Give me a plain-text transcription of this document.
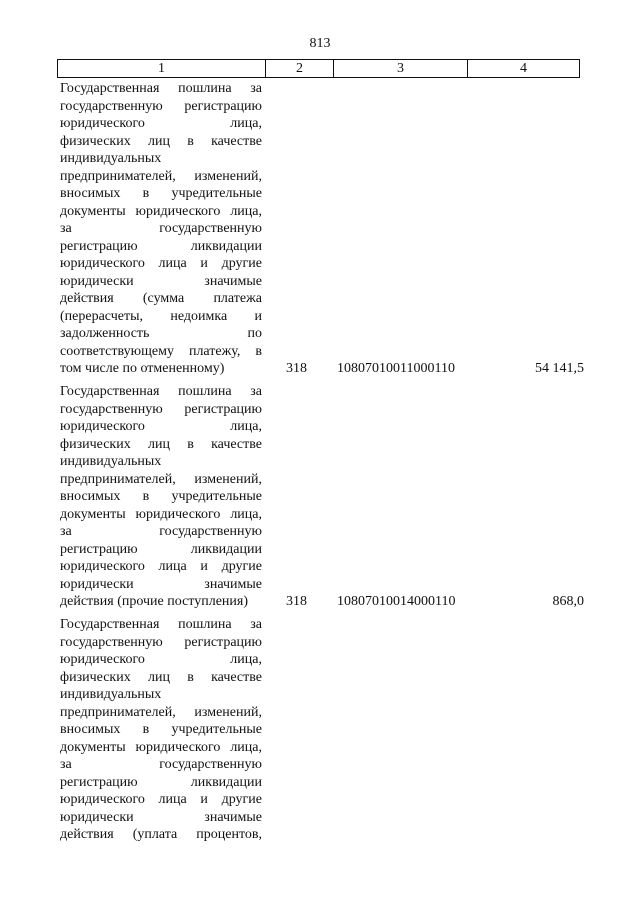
813
1	2	3	4
Государственная пошлина за
государственную регистрацию
юридического лица,
физических лиц в качестве
индивидуальных
предпринимателей, изменений,
вносимых в учредительные
документы юридического лица,
за государственную
регистрацию ликвидации
юридического лица и другие
юридически значимые
действия (сумма платежа
(перерасчеты, недоимка и
задолженность по
соответствующему платежу, в
том числе по отмененному)	318 10807010011000110	54 141,5
Государственная пошлина за
государственную регистрацию
юридического лица,
физических лиц в качестве
индивидуальных
предпринимателей, изменений,
вносимых в учредительные
документы юридического лица,
за государственную
регистрацию ликвидации
юридического лица и другие
юридически значимые
действия (прочие поступления)	318 10807010014000110	868,0
Государственная пошлина за
государственную регистрацию
юридического лица,
физических лиц в качестве
индивидуальных
предпринимателей, изменений,
вносимых в учредительные
документы юридического лица,
за государственную
регистрацию ликвидации
юридического лица и другие
юридически значимые
действия (уплата процентов,
